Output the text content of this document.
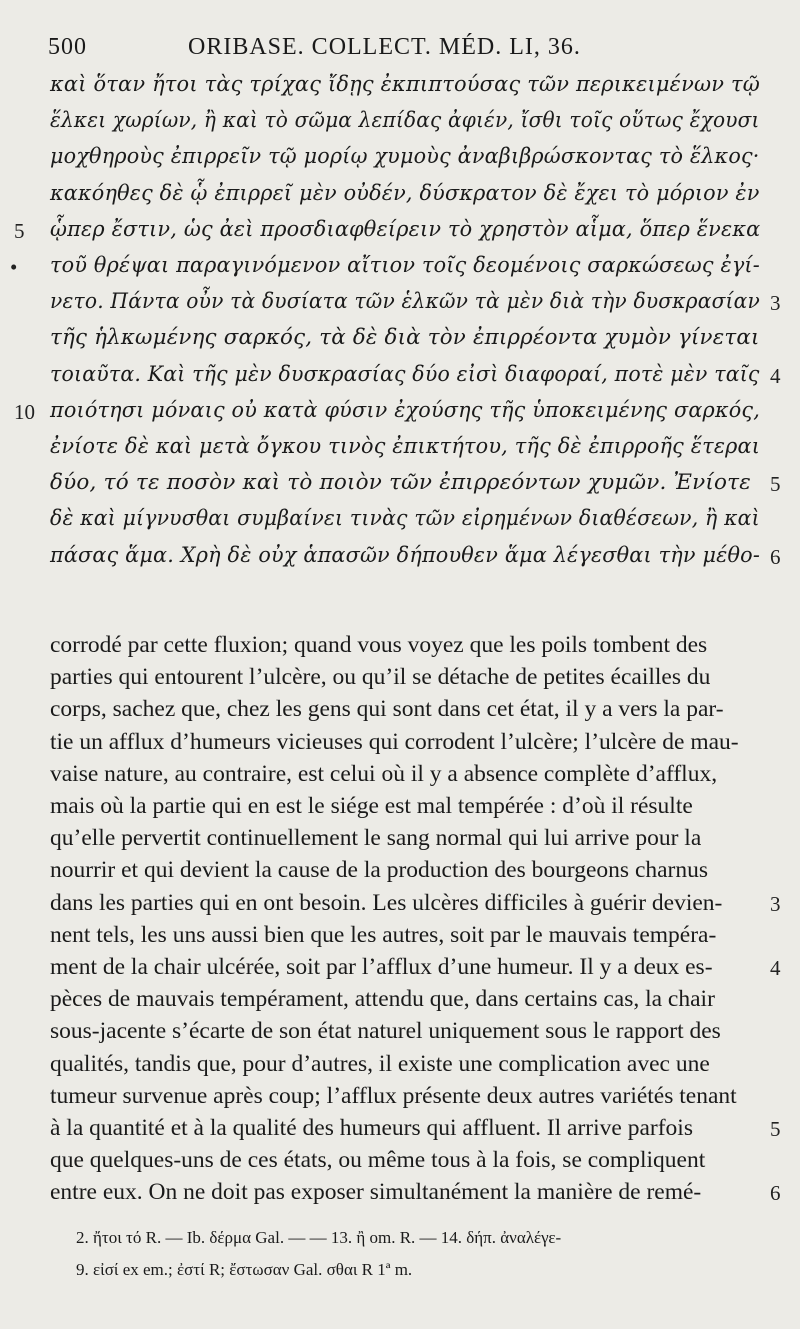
500	ORIBASE. COLLECT. MÉD. LI, 36.
καὶ ὅταν ἤτοι τὰς τρίχας ἴδῃς ἐκπιπτούσας τῶν περικειμένων τῷ
ἕλκει χωρίων, ἢ καὶ τὸ σῶμα λεπίδας ἀφιέν, ἴσθι τοῖς οὕτως ἔχουσι
μοχθηροὺς ἐπιρρεῖν τῷ μορίῳ χυμοὺς ἀναβιβρώσκοντας τὸ ἕλκος·
κακόηθες δὲ ᾧ ἐπιρρεῖ μὲν οὐδέν, δύσκρατον δὲ ἔχει τὸ μόριον ἐν
ᾧπερ ἔστιν, ὡς ἀεὶ προσδιαφθείρειν τὸ χρηστὸν αἷμα, ὅπερ ἕνεκα
τοῦ θρέψαι παραγινόμενον αἴτιον τοῖς δεομένοις σαρκώσεως ἐγί-
νετο. Πάντα οὖν τὰ δυσίατα τῶν ἑλκῶν τὰ μὲν διὰ τὴν δυσκρασίαν
τῆς ἡλκωμένης σαρκός, τὰ δὲ διὰ τὸν ἐπιρρέοντα χυμὸν γίνεται
τοιαῦτα. Καὶ τῆς μὲν δυσκρασίας δύο εἰσὶ διαφοραί, ποτὲ μὲν ταῖς
ποιότησι μόναις οὐ κατὰ φύσιν ἐχούσης τῆς ὑποκειμένης σαρκός,
ἐνίοτε δὲ καὶ μετὰ ὄγκου τινὸς ἐπικτήτου, τῆς δὲ ἐπιρροῆς ἕτεραι
δύο, τό τε ποσὸν καὶ τὸ ποιὸν τῶν ἐπιρρεόντων χυμῶν. Ἐνίοτε
δὲ καὶ μίγνυσθαι συμβαίνει τινὰς τῶν εἰρημένων διαθέσεων, ἢ καὶ
πάσας ἅμα. Χρὴ δὲ οὐχ ἁπασῶν δήπουθεν ἅμα λέγεσθαι τὴν μέθο-
5
10
•
3
4
5
6
corrodé par cette fluxion; quand vous voyez que les poils tombent des
parties qui entourent l’ulcère, ou qu’il se détache de petites écailles du
corps, sachez que, chez les gens qui sont dans cet état, il y a vers la par-
tie un afflux d’humeurs vicieuses qui corrodent l’ulcère; l’ulcère de mau-
vaise nature, au contraire, est celui où il y a absence complète d’afflux,
mais où la partie qui en est le siége est mal tempérée : d’où il résulte
qu’elle pervertit continuellement le sang normal qui lui arrive pour la
nourrir et qui devient la cause de la production des bourgeons charnus
dans les parties qui en ont besoin. Les ulcères difficiles à guérir devien-
nent tels, les uns aussi bien que les autres, soit par le mauvais tempéra-
ment de la chair ulcérée, soit par l’afflux d’une humeur. Il y a deux es-
pèces de mauvais tempérament, attendu que, dans certains cas, la chair
sous-jacente s’écarte de son état naturel uniquement sous le rapport des
qualités, tandis que, pour d’autres, il existe une complication avec une
tumeur survenue après coup; l’afflux présente deux autres variétés tenant
à la quantité et à la qualité des humeurs qui affluent. Il arrive parfois
que quelques-uns de ces états, ou même tous à la fois, se compliquent
entre eux. On ne doit pas exposer simultanément la manière de remé-
3
4
5
6
2. ἤτοι τό R. — Ib. δέρμα Gal. — — 13. ἢ om. R. — 14. δήπ. ἀναλέγε-
9. εἰσί ex em.; ἐστί R; ἔστωσαν Gal. σθαι R 1ª m.
